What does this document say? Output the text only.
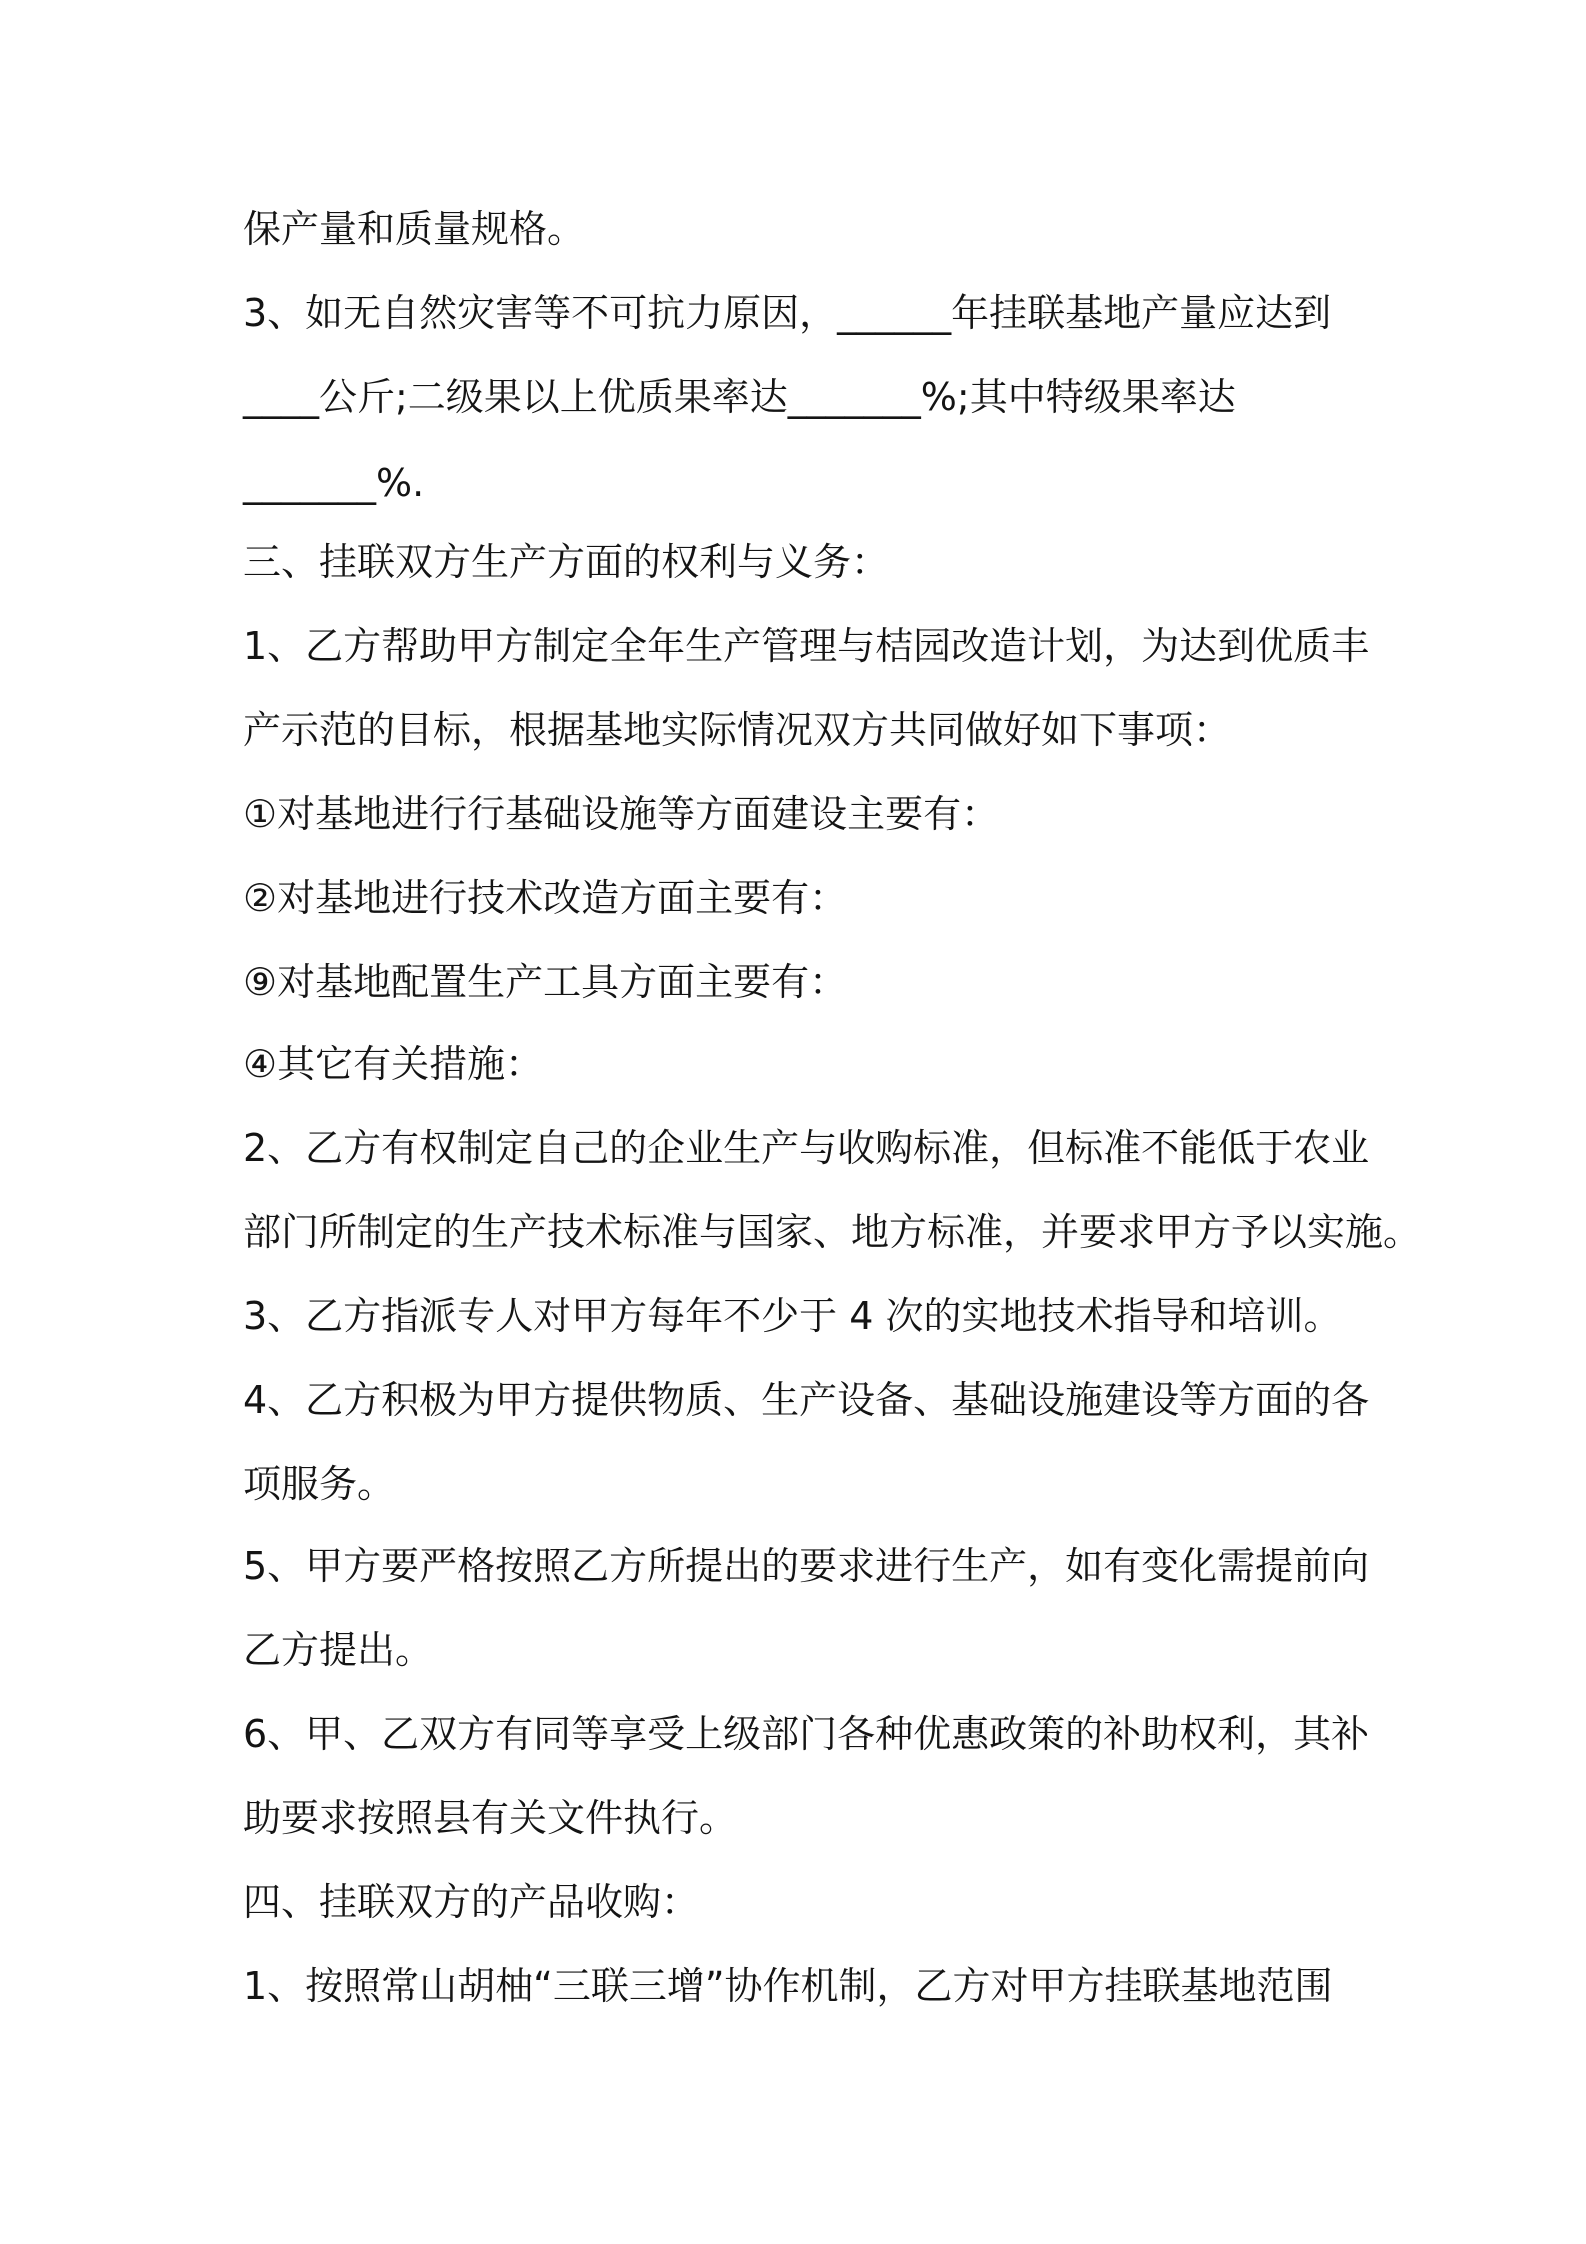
保产量和质量规格。
3、如无自然灾害等不可抗力原因，______年挂联基地产量应达到
____公斤;二级果以上优质果率达_______%;其中特级果率达
_______%.
三、挂联双方生产方面的权利与义务：
1、乙方帮助甲方制定全年生产管理与桔园改造计划，为达到优质丰
产示范的目标，根据基地实际情况双方共同做好如下事项：
①对基地进行行基础设施等方面建设主要有：
②对基地进行技术改造方面主要有：
⑨对基地配置生产工具方面主要有：
④其它有关措施：
2、乙方有权制定自己的企业生产与收购标准，但标准不能低于农业
部门所制定的生产技术标准与国家、地方标准，并要求甲方予以实施。
3、乙方指派专人对甲方每年不少于 4 次的实地技术指导和培训。
4、乙方积极为甲方提供物质、生产设备、基础设施建设等方面的各
项服务。
5、甲方要严格按照乙方所提出的要求进行生产，如有变化需提前向
乙方提出。
6、甲、乙双方有同等享受上级部门各种优惠政策的补助权利，其补
助要求按照县有关文件执行。
四、挂联双方的产品收购：
1、按照常山胡柚“三联三增”协作机制，乙方对甲方挂联基地范围
